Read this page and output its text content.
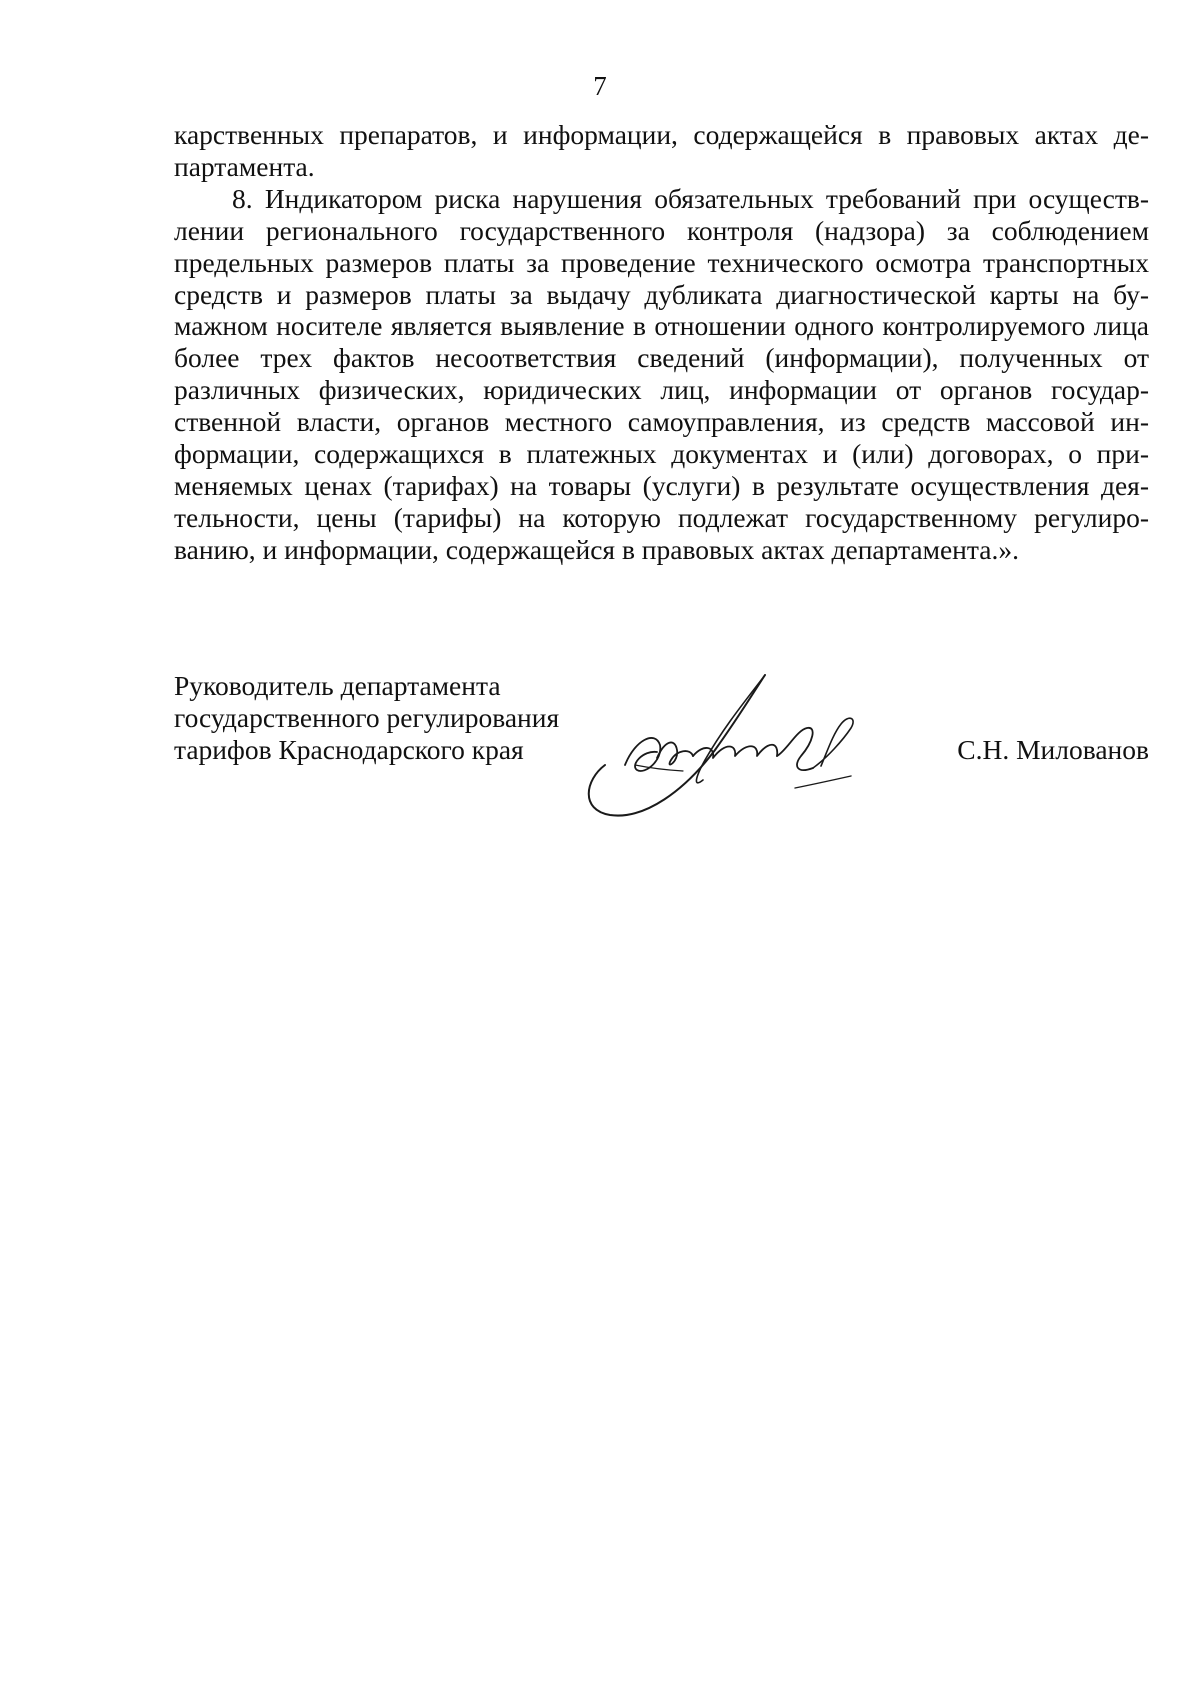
7

карственных препаратов, и информации, содержащейся в правовых актах департамента.

8. Индикатором риска нарушения обязательных требований при осуществлении регионального государственного контроля (надзора) за соблюдением предельных размеров платы за проведение технического осмотра транспортных средств и размеров платы за выдачу дубликата диагностической карты на бумажном носителе является выявление в отношении одного контролируемого лица более трех фактов несоответствия сведений (информации), полученных от различных физических, юридических лиц, информации от органов государственной власти, органов местного самоуправления, из средств массовой информации, содержащихся в платежных документах и (или) договорах, о применяемых ценах (тарифах) на товары (услуги) в результате осуществления деятельности, цены (тарифы) на которую подлежат государственному регулированию, и информации, содержащейся в правовых актах департамента.».

Руководитель департамента
государственного регулирования
тарифов Краснодарского края	С.Н. Милованов
